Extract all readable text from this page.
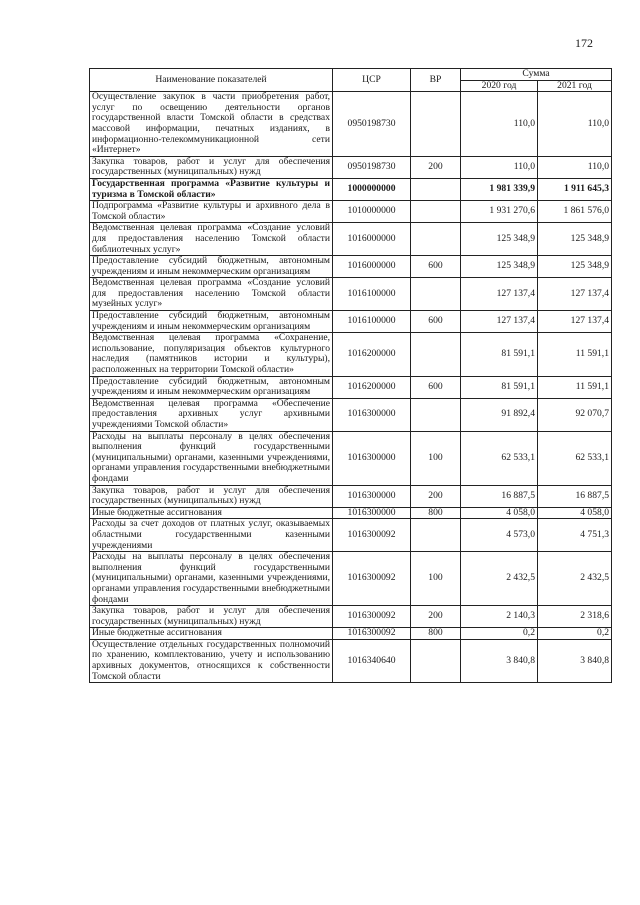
172
Наименование показателей	ЦСР	ВР	Сумма	
			2020 год	2021 год
Осуществление закупок в части приобретения работ, услуг по освещению деятельности органов государственной власти Томской области в средствах массовой информации, печатных изданиях, в информационно-телекоммуникационной сети «Интернет»	0950198730		110,0	110,0
Закупка товаров, работ и услуг для обеспечения государственных (муниципальных) нужд	0950198730	200	110,0	110,0
Государственная программа «Развитие культуры и туризма в Томской области»	1000000000		1 981 339,9	1 911 645,3
Подпрограмма «Развитие культуры и архивного дела в Томской области»	1010000000		1 931 270,6	1 861 576,0
Ведомственная целевая программа «Создание условий для предоставления населению Томской области библиотечных услуг»	1016000000		125 348,9	125 348,9
Предоставление субсидий бюджетным, автономным учреждениям и иным некоммерческим организациям	1016000000	600	125 348,9	125 348,9
Ведомственная целевая программа «Создание условий для предоставления населению Томской области музейных услуг»	1016100000		127 137,4	127 137,4
Предоставление субсидий бюджетным, автономным учреждениям и иным некоммерческим организациям	1016100000	600	127 137,4	127 137,4
Ведомственная целевая программа «Сохранение, использование, популяризация объектов культурного наследия (памятников истории и культуры), расположенных на территории Томской области»	1016200000		81 591,1	11 591,1
Предоставление субсидий бюджетным, автономным учреждениям и иным некоммерческим организациям	1016200000	600	81 591,1	11 591,1
Ведомственная целевая программа «Обеспечение предоставления архивных услуг архивными учреждениями Томской области»	1016300000		91 892,4	92 070,7
Расходы на выплаты персоналу в целях обеспечения выполнения функций государственными (муниципальными) органами, казенными учреждениями, органами управления государственными внебюджетными фондами	1016300000	100	62 533,1	62 533,1
Закупка товаров, работ и услуг для обеспечения государственных (муниципальных) нужд	1016300000	200	16 887,5	16 887,5
Иные бюджетные ассигнования	1016300000	800	4 058,0	4 058,0
Расходы за счет доходов от платных услуг, оказываемых областными государственными казенными учреждениями	1016300092		4 573,0	4 751,3
Расходы на выплаты персоналу в целях обеспечения выполнения функций государственными (муниципальными) органами, казенными учреждениями, органами управления государственными внебюджетными фондами	1016300092	100	2 432,5	2 432,5
Закупка товаров, работ и услуг для обеспечения государственных (муниципальных) нужд	1016300092	200	2 140,3	2 318,6
Иные бюджетные ассигнования	1016300092	800	0,2	0,2
Осуществление отдельных государственных полномочий по хранению, комплектованию, учету и использованию архивных документов, относящихся к собственности Томской области	1016340640		3 840,8	3 840,8
